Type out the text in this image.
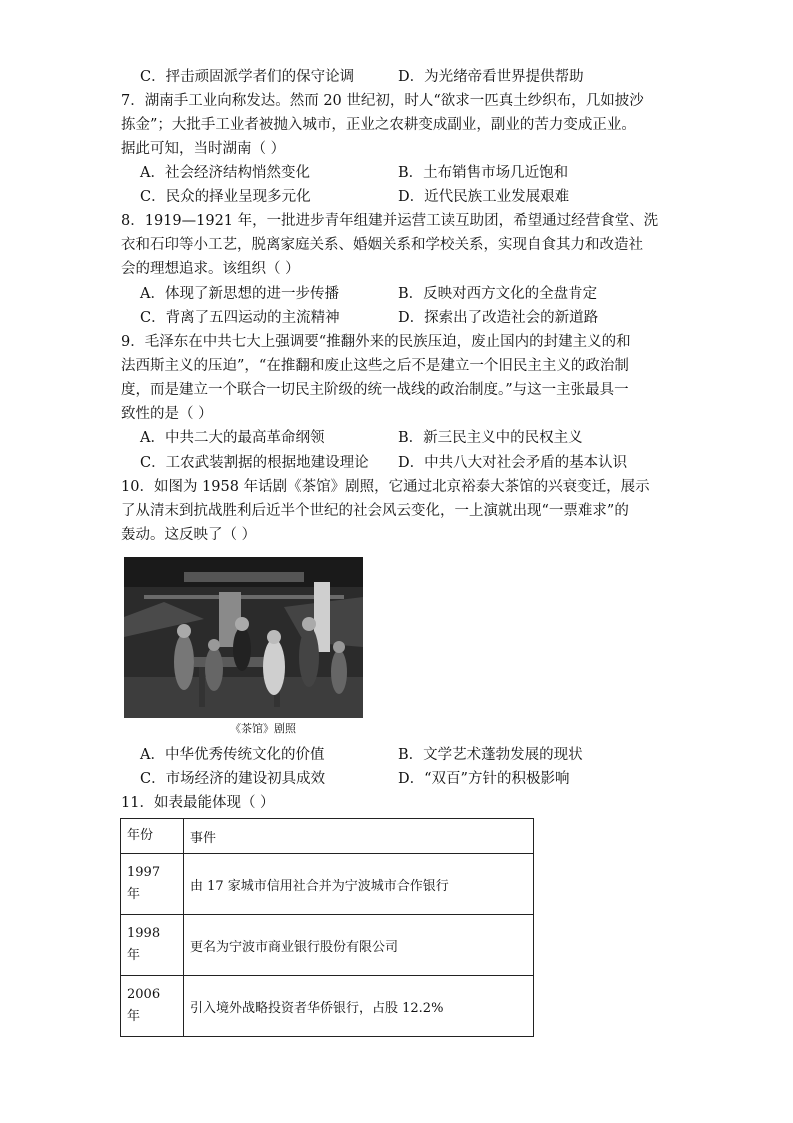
C．抨击顽固派学者们的保守论调	D．为光绪帝看世界提供帮助
7．湖南手工业向称发达。然而 20 世纪初，时人“欲求一匹真土纱织布，几如披沙
拣金”；大批手工业者被抛入城市，正业之农耕变成副业，副业的苦力变成正业。
据此可知，当时湖南（ ）
A．社会经济结构悄然变化	B．土布销售市场几近饱和
C．民众的择业呈现多元化	D．近代民族工业发展艰难
8．1919—1921 年，一批进步青年组建并运营工读互助团，希望通过经营食堂、洗
衣和石印等小工艺，脱离家庭关系、婚姻关系和学校关系，实现自食其力和改造社
会的理想追求。该组织（ ）
A．体现了新思想的进一步传播	B．反映对西方文化的全盘肯定
C．背离了五四运动的主流精神	D．探索出了改造社会的新道路
9．毛泽东在中共七大上强调要“推翻外来的民族压迫，废止国内的封建主义的和
法西斯主义的压迫”，“在推翻和废止这些之后不是建立一个旧民主主义的政治制
度，而是建立一个联合一切民主阶级的统一战线的政治制度。”与这一主张最具一
致性的是（ ）
A．中共二大的最高革命纲领	B．新三民主义中的民权主义
C．工农武装割据的根据地建设理论 D．中共八大对社会矛盾的基本认识
10．如图为 1958 年话剧《茶馆》剧照，它通过北京裕泰大茶馆的兴衰变迁，展示
了从清末到抗战胜利后近半个世纪的社会风云变化，一上演就出现“一票难求”的
轰动。这反映了（ ）
《茶馆》剧照
A．中华优秀传统文化的价值	B．文学艺术蓬勃发展的现状
C．市场经济的建设初具成效	D．“双百”方针的积极影响
11．如表最能体现（ ）
年份	事件
1997
年	由 17 家城市信用社合并为宁波城市合作银行
1998
年	更名为宁波市商业银行股份有限公司
2006
年	引入境外战略投资者华侨银行，占股 12.2%
